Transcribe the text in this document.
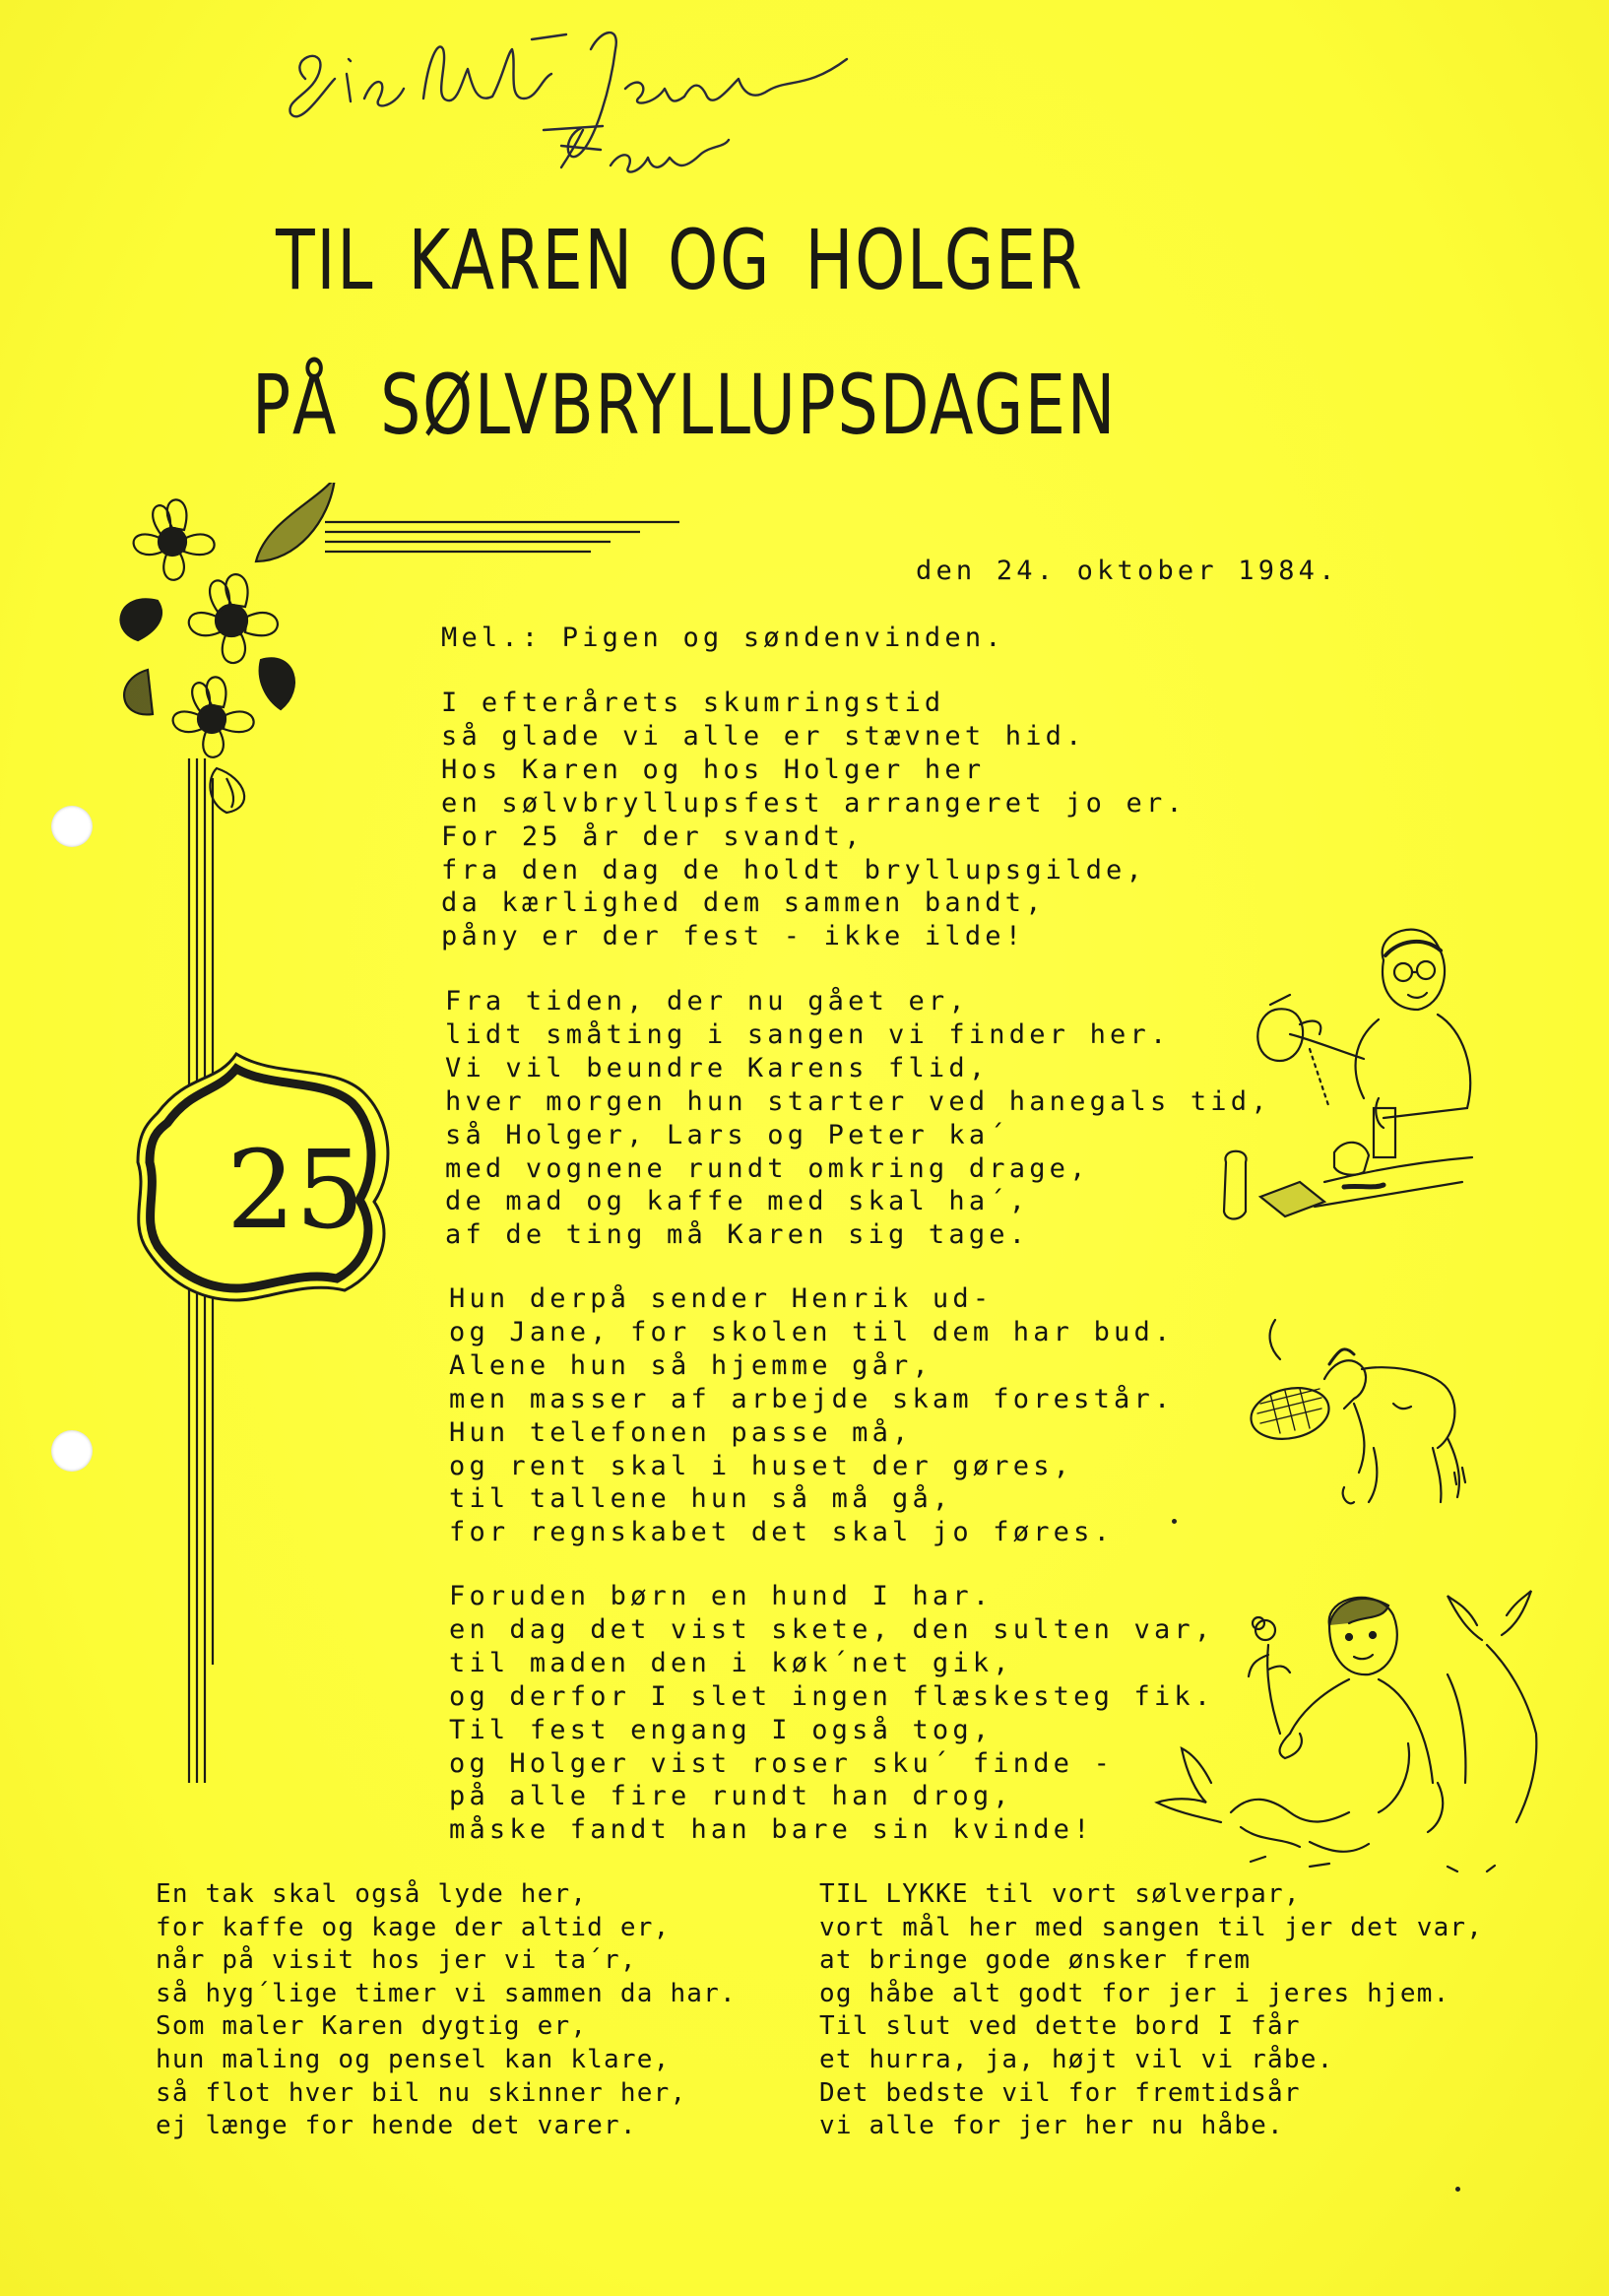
TIL KAREN OG HOLGER
PÅ SØLVBRYLLUPSDAGEN
25
den 24. oktober 1984.
Mel.: Pigen og søndenvinden.
I efterårets skumringstid
så glade vi alle er stævnet hid.
Hos Karen og hos Holger her
en sølvbryllupsfest arrangeret jo er.
For 25 år der svandt,
fra den dag de holdt bryllupsgilde,
da kærlighed dem sammen bandt,
påny er der fest - ikke ilde!
Fra tiden, der nu gået er,
lidt småting i sangen vi finder her.
Vi vil beundre Karens flid,
hver morgen hun starter ved hanegals tid,
så Holger, Lars og Peter ka´
med vognene rundt omkring drage,
de mad og kaffe med skal ha´,
af de ting må Karen sig tage.
Hun derpå sender Henrik ud-
og Jane, for skolen til dem har bud.
Alene hun så hjemme går,
men masser af arbejde skam forestår.
Hun telefonen passe må,
og rent skal i huset der gøres,
til tallene hun så må gå,
for regnskabet det skal jo føres.
Foruden børn en hund I har.
en dag det vist skete, den sulten var,
til maden den i køk´net gik,
og derfor I slet ingen flæskesteg fik.
Til fest engang I også tog,
og Holger vist roser sku´ finde -
på alle fire rundt han drog,
måske fandt han bare sin kvinde!
En tak skal også lyde her,
for kaffe og kage der altid er,
når på visit hos jer vi ta´r,
så hyg´lige timer vi sammen da har.
Som maler Karen dygtig er,
hun maling og pensel kan klare,
så flot hver bil nu skinner her,
ej længe for hende det varer.
TIL LYKKE til vort sølverpar,
vort mål her med sangen til jer det var,
at bringe gode ønsker frem
og håbe alt godt for jer i jeres hjem.
Til slut ved dette bord I får
et hurra, ja, højt vil vi råbe.
Det bedste vil for fremtidsår
vi alle for jer her nu håbe.
